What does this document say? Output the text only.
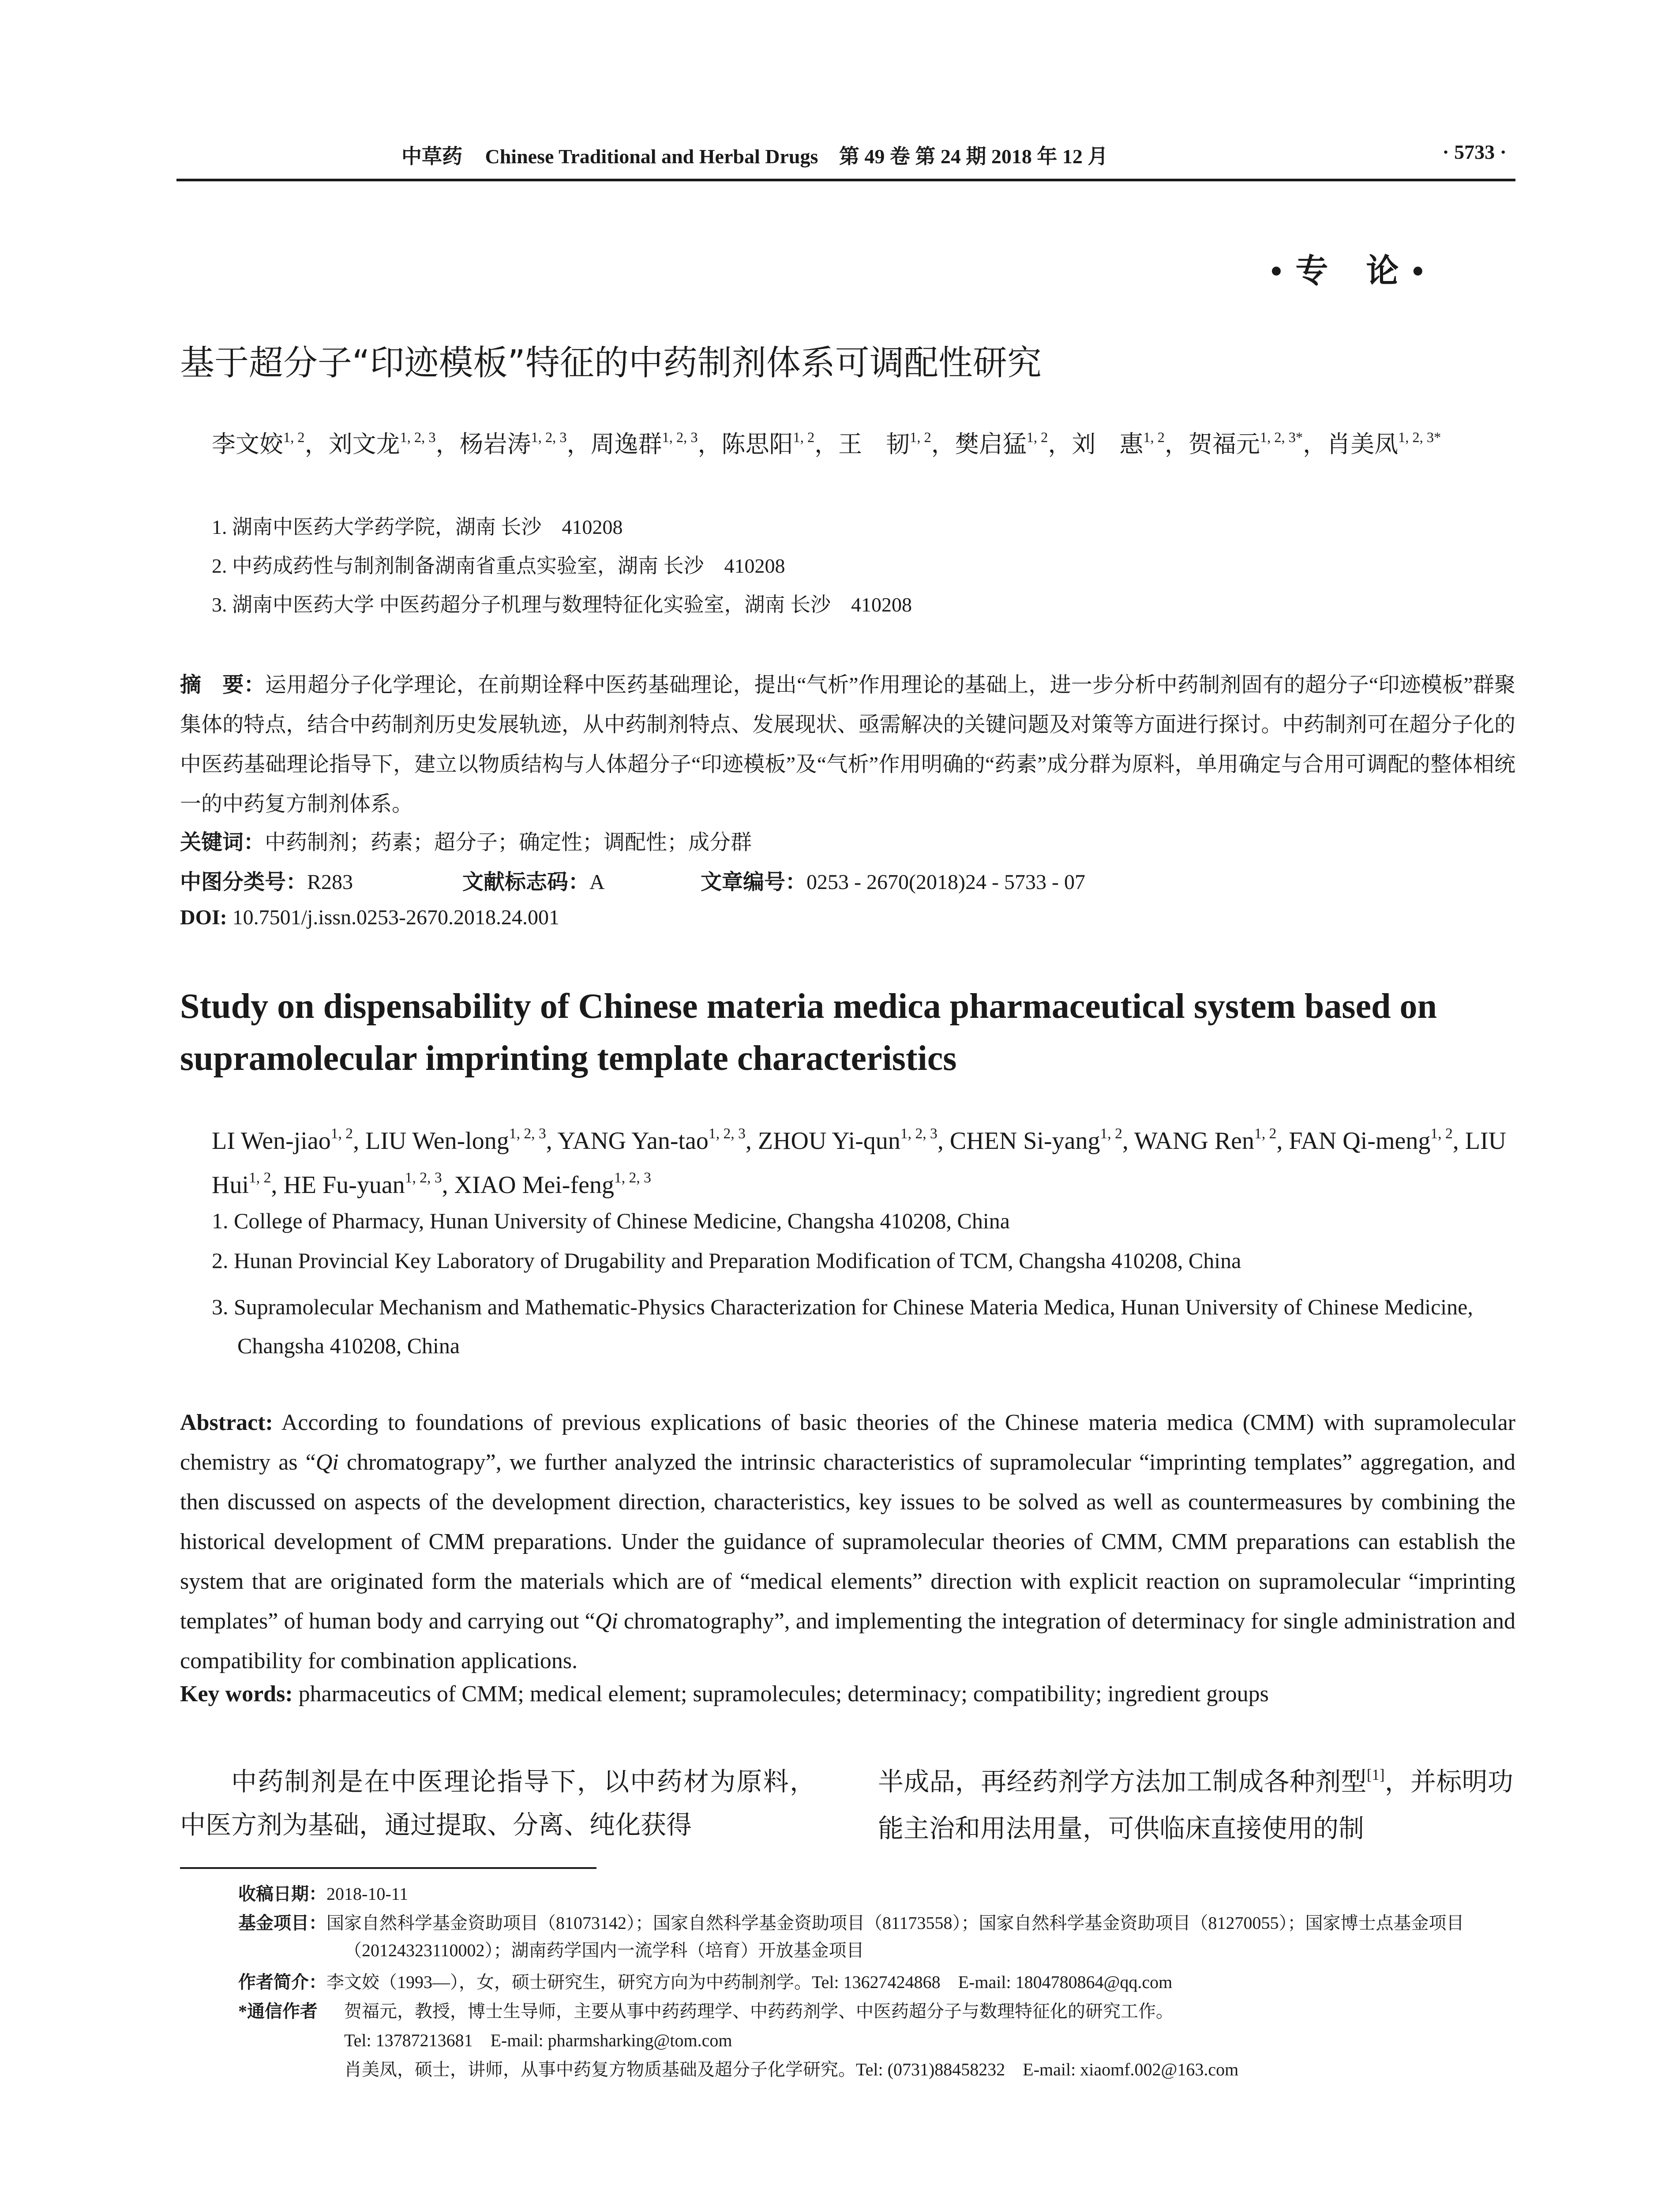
中草药 Chinese Traditional and Herbal Drugs 第 49 卷 第 24 期 2018 年 12 月	· 5733 ·
• 专　论 •
基于超分子“印迹模板”特征的中药制剂体系可调配性研究
李文姣$^{1, 2}$，刘文龙$^{1, 2, 3}$，杨岩涛$^{1, 2, 3}$，周逸群$^{1, 2, 3}$，陈思阳$^{1, 2}$，王　韧$^{1, 2}$，樊启猛$^{1, 2}$，刘　惠$^{1, 2}$，贺福元$^{1, 2, 3*}$，肖美凤$^{1, 2, 3*}$
1. 湖南中医药大学药学院，湖南 长沙　410208
2. 中药成药性与制剂制备湖南省重点实验室，湖南 长沙　410208
3. 湖南中医药大学 中医药超分子机理与数理特征化实验室，湖南 长沙　410208
摘　要：运用超分子化学理论，在前期诠释中医药基础理论，提出“气析”作用理论的基础上，进一步分析中药制剂固有的超分子“印迹模板”群聚集体的特点，结合中药制剂历史发展轨迹，从中药制剂特点、发展现状、亟需解决的关键问题及对策等方面进行探讨。中药制剂可在超分子化的中医药基础理论指导下，建立以物质结构与人体超分子“印迹模板”及“气析”作用明确的“药素”成分群为原料，单用确定与合用可调配的整体相统一的中药复方制剂体系。
关键词：中药制剂；药素；超分子；确定性；调配性；成分群
中图分类号：R283	文献标志码：A	文章编号：0253 - 2670(2018)24 - 5733 - 07
DOI: 10.7501/j.issn.0253-2670.2018.24.001
Study on dispensability of Chinese materia medica pharmaceutical system based on supramolecular imprinting template characteristics
LI Wen-jiao$^{1, 2}$, LIU Wen-long$^{1, 2, 3}$, YANG Yan-tao$^{1, 2, 3}$, ZHOU Yi-qun$^{1, 2, 3}$, CHEN Si-yang$^{1, 2}$, WANG Ren$^{1, 2}$, FAN Qi-meng$^{1, 2}$, LIU Hui$^{1, 2}$, HE Fu-yuan$^{1, 2, 3}$, XIAO Mei-feng$^{1, 2, 3}$
1. College of Pharmacy, Hunan University of Chinese Medicine, Changsha 410208, China
2. Hunan Provincial Key Laboratory of Drugability and Preparation Modification of TCM, Changsha 410208, China
3. Supramolecular Mechanism and Mathematic-Physics Characterization for Chinese Materia Medica, Hunan University of Chinese Medicine, Changsha 410208, China
Abstract: According to foundations of previous explications of basic theories of the Chinese materia medica (CMM) with supramolecular chemistry as “Qi chromatograpy”, we further analyzed the intrinsic characteristics of supramolecular “imprinting templates” aggregation, and then discussed on aspects of the development direction, characteristics, key issues to be solved as well as countermeasures by combining the historical development of CMM preparations. Under the guidance of supramolecular theories of CMM, CMM preparations can establish the system that are originated form the materials which are of “medical elements” direction with explicit reaction on supramolecular “imprinting templates” of human body and carrying out “Qi chromatography”, and implementing the integration of determinacy for single administration and compatibility for combination applications.
Key words: pharmaceutics of CMM; medical element; supramolecules; determinacy; compatibility; ingredient groups
中药制剂是在中医理论指导下，以中药材为原料，中医方剂为基础，通过提取、分离、纯化获得
半成品，再经药剂学方法加工制成各种剂型[1]，并标明功能主治和用法用量，可供临床直接使用的制
收稿日期：2018-10-11
基金项目：国家自然科学基金资助项目（81073142）；国家自然科学基金资助项目（81173558）；国家自然科学基金资助项目（81270055）；国家博士点基金项目（20124323110002）；湖南药学国内一流学科（培育）开放基金项目
作者简介：李文姣（1993—），女，硕士研究生，研究方向为中药制剂学。Tel: 13627424868　E-mail: 1804780864@qq.com
*通信作者 贺福元，教授，博士生导师，主要从事中药药理学、中药药剂学、中医药超分子与数理特征化的研究工作。
Tel: 13787213681　E-mail: pharmsharking@tom.com
肖美凤，硕士，讲师，从事中药复方物质基础及超分子化学研究。Tel: (0731)88458232　E-mail: xiaomf.002@163.com
